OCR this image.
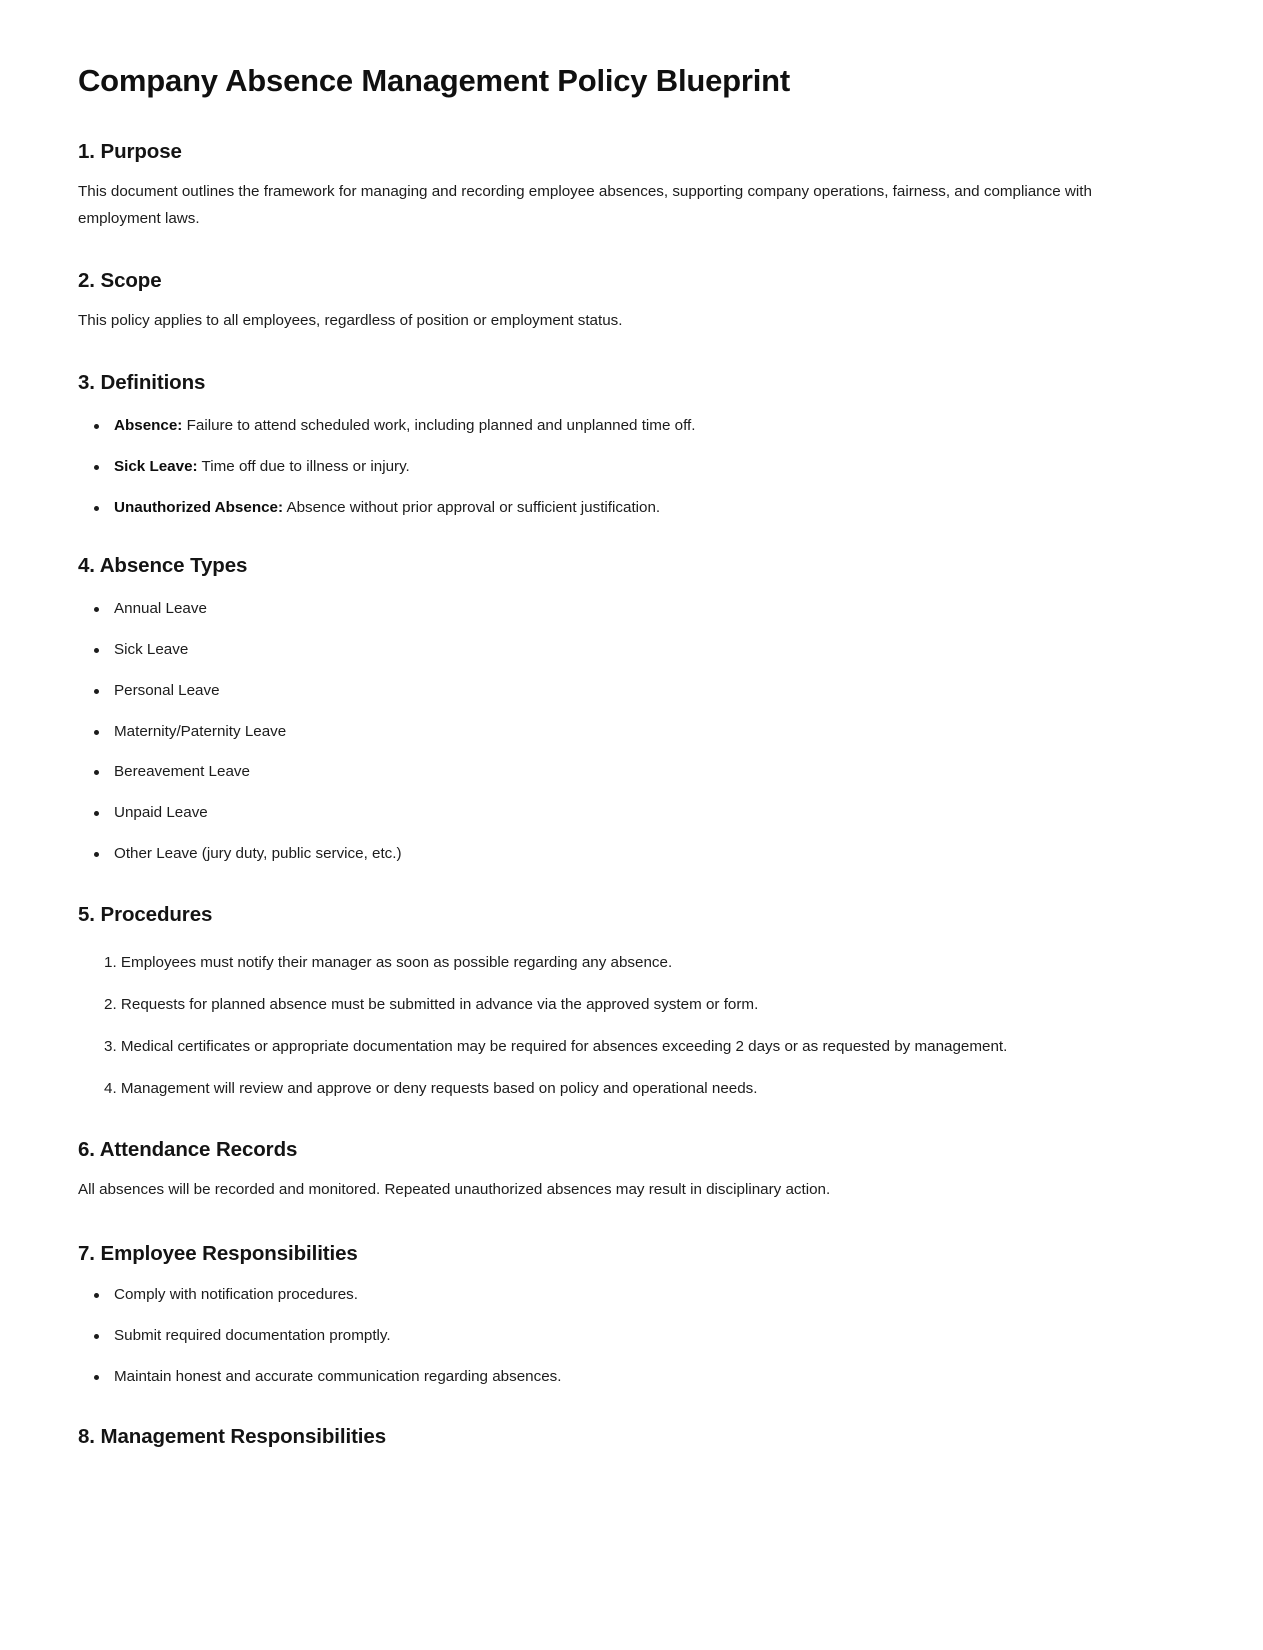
Company Absence Management Policy Blueprint
1. Purpose

This document outlines the framework for managing and recording employee absences, supporting company operations, fairness, and compliance with employment laws.

2. Scope

This policy applies to all employees, regardless of position or employment status.

3. Definitions
Absence: Failure to attend scheduled work, including planned and unplanned time off.
Sick Leave: Time off due to illness or injury.
Unauthorized Absence: Absence without prior approval or sufficient justification.
4. Absence Types
Annual Leave
Sick Leave
Personal Leave
Maternity/Paternity Leave
Bereavement Leave
Unpaid Leave
Other Leave (jury duty, public service, etc.)
5. Procedures
1. Employees must notify their manager as soon as possible regarding any absence.
2. Requests for planned absence must be submitted in advance via the approved system or form.
3. Medical certificates or appropriate documentation may be required for absences exceeding 2 days or as requested by management.
4. Management will review and approve or deny requests based on policy and operational needs.
6. Attendance Records

All absences will be recorded and monitored. Repeated unauthorized absences may result in disciplinary action.

7. Employee Responsibilities
Comply with notification procedures.
Submit required documentation promptly.
Maintain honest and accurate communication regarding absences.
8. Management Responsibilities
